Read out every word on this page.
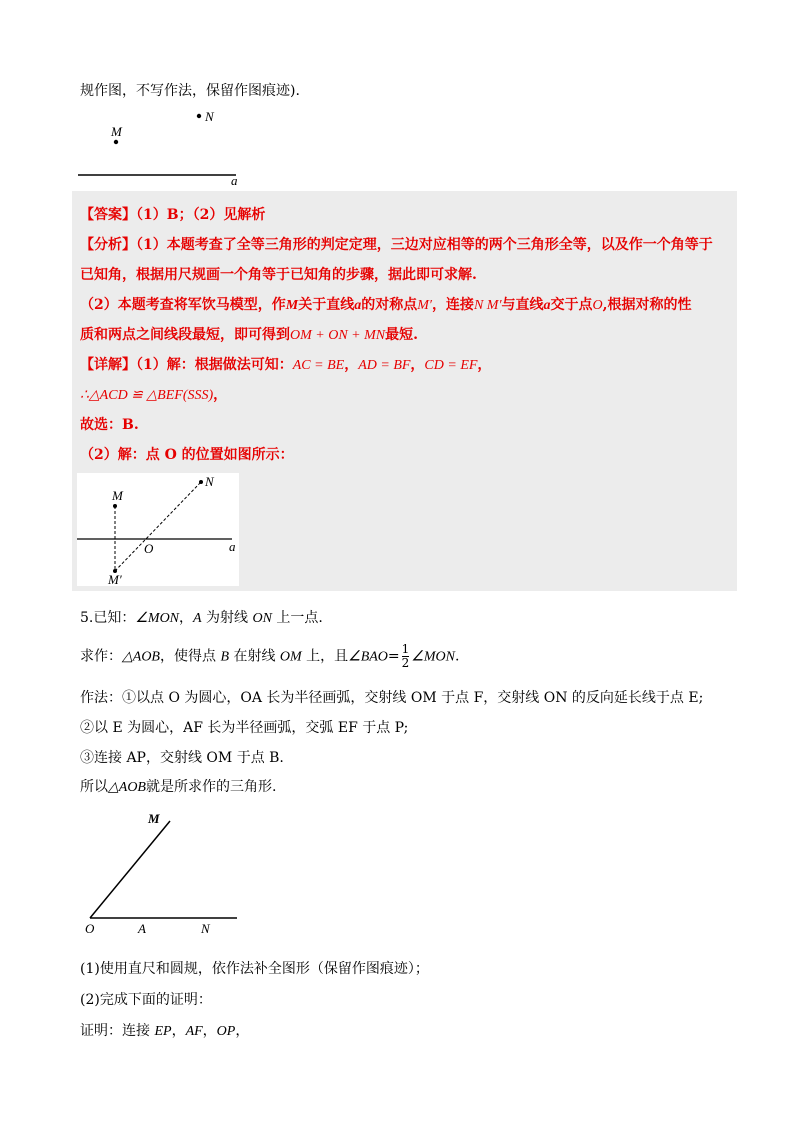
规作图，不写作法，保留作图痕迹).
N
M
a
【答案】（1）B；（2）见解析
【分析】（1）本题考查了全等三角形的判定定理，三边对应相等的两个三角形全等，以及作一个角等于
已知角，根据用尺规画一个角等于已知角的步骤，据此即可求解.
（2）本题考查将军饮马模型，作M关于直线a的对称点M′，连接N M′与直线a交于点O,根据对称的性
质和两点之间线段最短，即可得到OM + ON + MN最短.
【详解】（1）解：根据做法可知：AC = BE，AD = BF，CD = EF，
∴△ACD ≌ △BEF(SSS)，
故选：B.
（2）解：点 O 的位置如图所示：
M
N
O	a
M′
5.已知：∠MON，A 为射线 ON 上一点.
求作：△AOB，使得点 B 在射线 OM 上，且∠BAO= $\frac{1}{2}$ ∠MON.
作法：①以点 O 为圆心，OA 长为半径画弧，交射线 OM 于点 F，交射线 ON 的反向延长线于点 E;
②以 E 为圆心，AF 长为半径画弧，交弧 EF 于点 P;
③连接 AP，交射线 OM 于点 B.
所以△AOB就是所求作的三角形.
M
O	A	N
(1)使用直尺和圆规，依作法补全图形（保留作图痕迹）；
(2)完成下面的证明：
证明：连接 EP，AF，OP，
